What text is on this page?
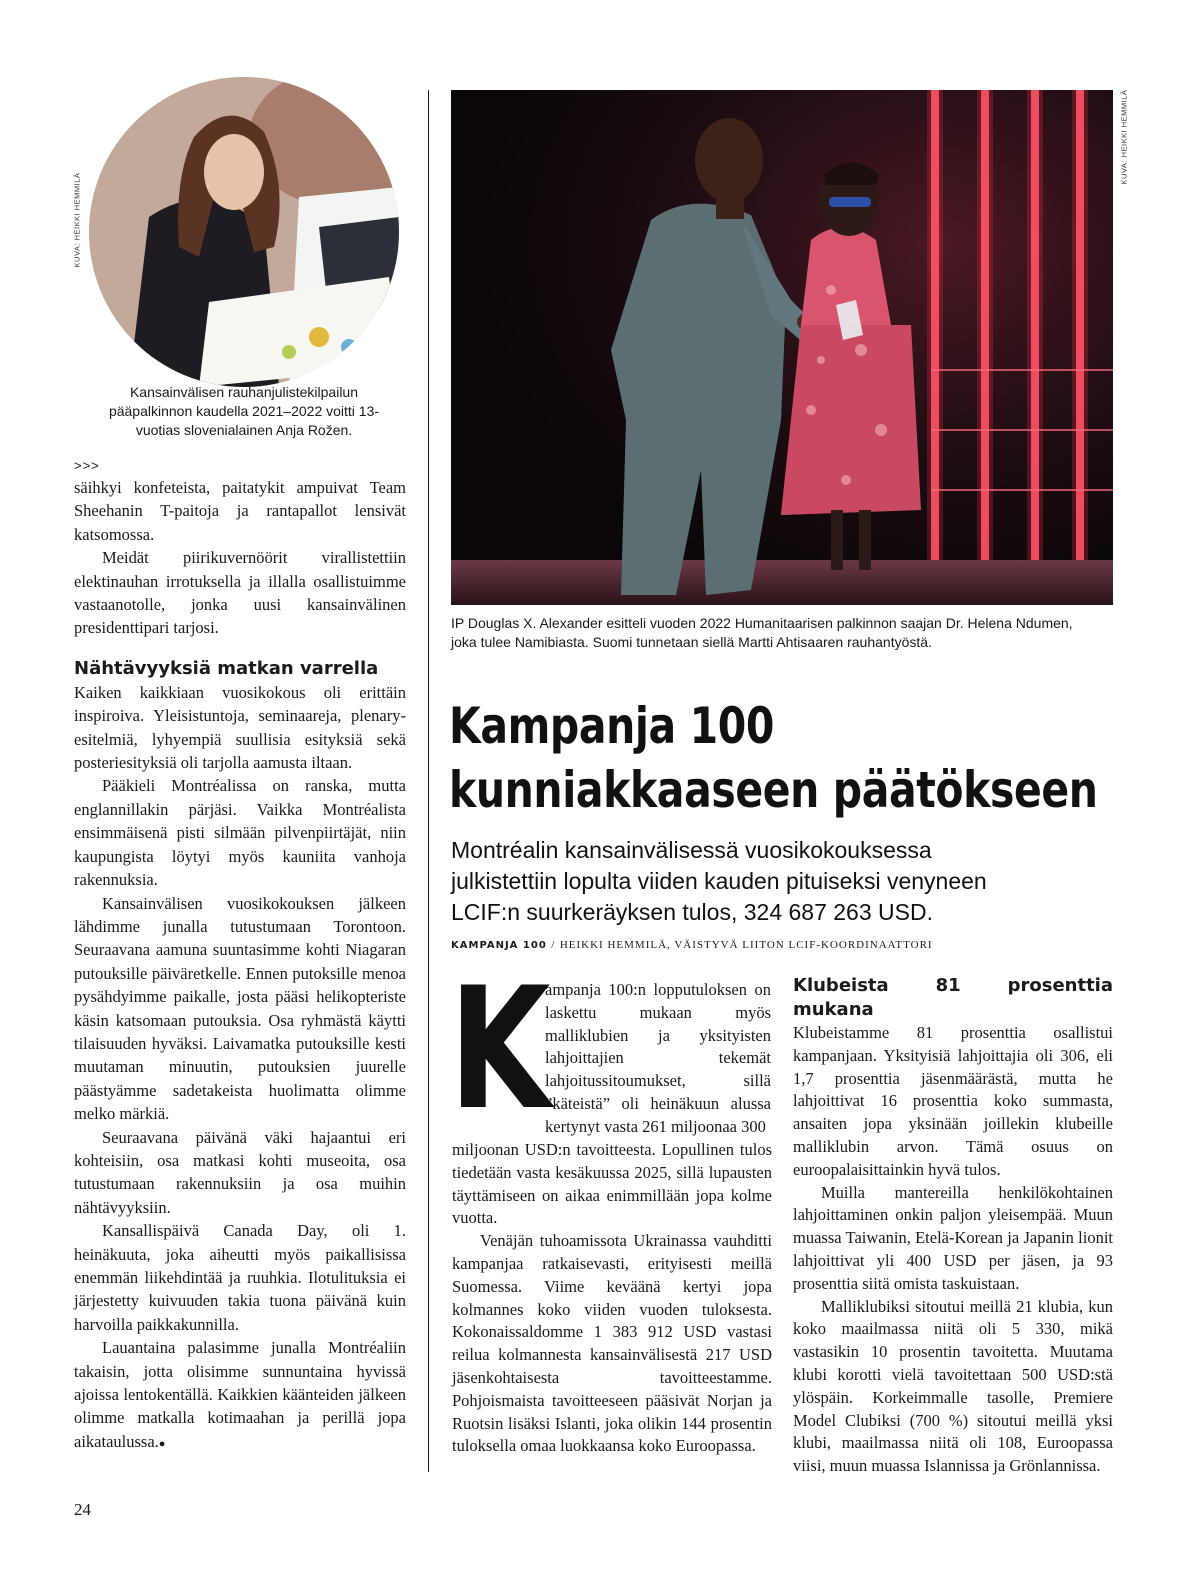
KUVA: HEIKKI HEMMILÄ
Kansainvälisen rauhanjulistekilpailun pääpalkinnon kaudella 2021–2022 voitti 13-vuotias slovenialainen Anja Rožen.
>>>

säihkyi konfeteista, paitatykit ampuivat Team Sheehanin T-paitoja ja rantapallot lensivät katsomossa.

Meidät piirikuvernöörit virallistettiin elektinauhan irrotuksella ja illalla osallistuimme vastaanotolle, jonka uusi kansainvälinen presidenttipari tarjosi.

Nähtävyyksiä matkan varrella

Kaiken kaikkiaan vuosikokous oli erittäin inspiroiva. Yleisistuntoja, seminaareja, plenary-esitelmiä, lyhyempiä suullisia esityksiä sekä posteriesityksiä oli tarjolla aamusta iltaan.

Pääkieli Montréalissa on ranska, mutta englannillakin pärjäsi. Vaikka Montréalista ensimmäisenä pisti silmään pilvenpiirtäjät, niin kaupungista löytyi myös kauniita vanhoja rakennuksia.

Kansainvälisen vuosikokouksen jälkeen lähdimme junalla tutustumaan Torontoon. Seuraavana aamuna suuntasimme kohti Niagaran putouksille päiväretkelle. Ennen putoksille menoa pysähdyimme paikalle, josta pääsi helikopteriste käsin katsomaan putouksia. Osa ryhmästä käytti tilaisuuden hyväksi. Laivamatka putouksille kesti muutaman minuutin, putouksien juurelle päästyämme sadetakeista huolimatta olimme melko märkiä.

Seuraavana päivänä väki hajaantui eri kohteisiin, osa matkasi kohti museoita, osa tutustumaan rakennuksiin ja osa muihin nähtävyyksiin.

Kansallispäivä Canada Day, oli 1. heinäkuuta, joka aiheutti myös paikallisissa enemmän liikehdintää ja ruuhkia. Ilotulituksia ei järjestetty kuivuuden takia tuona päivänä kuin harvoilla paikkakunnilla.

Lauantaina palasimme junalla Montréaliin takaisin, jotta olisimme sunnuntaina hyvissä ajoissa lentokentällä. Kaikkien käänteiden jälkeen olimme matkalla kotimaahan ja perillä jopa aikataulussa.●

KUVA: HEIKKI HEMMILÄ
IP Douglas X. Alexander esitteli vuoden 2022 Humanitaarisen palkinnon saajan Dr. Helena Ndumen, joka tulee Namibiasta. Suomi tunnetaan siellä Martti Ahtisaaren rauhantyöstä.
Kampanja 100
kunniakkaaseen päätökseen
Montréalin kansainvälisessä vuosikokouksessa julkistettiin lopulta viiden kauden pituiseksi venyneen LCIF:n suurkeräyksen tulos, 324 687 263 USD.
KAMPANJA 100 / HEIKKI HEMMILÄ, VÄISTYVÄ LIITON LCIF-KOORDINAATTORI
K
ampanja 100:n lopputuloksen on laskettu mukaan myös malliklubien ja yksityisten lahjoittajien tekemät lahjoitussitoumukset, sillä ”käteistä” oli heinäkuun alussa kertynyt vasta 261 miljoonaa 300

miljoonan USD:n tavoitteesta. Lopullinen tulos tiedetään vasta kesäkuussa 2025, sillä lupausten täyttämiseen on aikaa enimmillään jopa kolme vuotta.

Venäjän tuhoamissota Ukrainassa vauhditti kampanjaa ratkaisevasti, erityisesti meillä Suomessa. Viime keväänä kertyi jopa kolmannes koko viiden vuoden tuloksesta. Kokonaissaldomme 1 383 912 USD vastasi reilua kolmannesta kansainvälisestä 217 USD jäsenkohtaisesta tavoitteestamme. Pohjoismaista tavoitteeseen pääsivät Norjan ja Ruotsin lisäksi Islanti, joka olikin 144 prosentin tuloksella omaa luokkaansa koko Euroopassa.

Klubeista 81 prosenttia mukana

Klubeistamme 81 prosenttia osallistui kampanjaan. Yksityisiä lahjoittajia oli 306, eli 1,7 prosenttia jäsenmäärästä, mutta he lahjoittivat 16 prosenttia koko summasta, ansaiten jopa yksinään joillekin klubeille malliklubin arvon. Tämä osuus on euroopalaisittainkin hyvä tulos.

Muilla mantereilla henkilökohtainen lahjoittaminen onkin paljon yleisempää. Muun muassa Taiwanin, Etelä-Korean ja Japanin lionit lahjoittivat yli 400 USD per jäsen, ja 93 prosenttia siitä omista taskuistaan.

Malliklubiksi sitoutui meillä 21 klubia, kun koko maailmassa niitä oli 5 330, mikä vastasikin 10 prosentin tavoitetta. Muutama klubi korotti vielä tavoitettaan 500 USD:stä ylöspäin. Korkeimmalle tasolle, Premiere Model Clubiksi (700 %) sitoutui meillä yksi klubi, maailmassa niitä oli 108, Euroopassa viisi, muun muassa Islannissa ja Grönlannissa.

24
